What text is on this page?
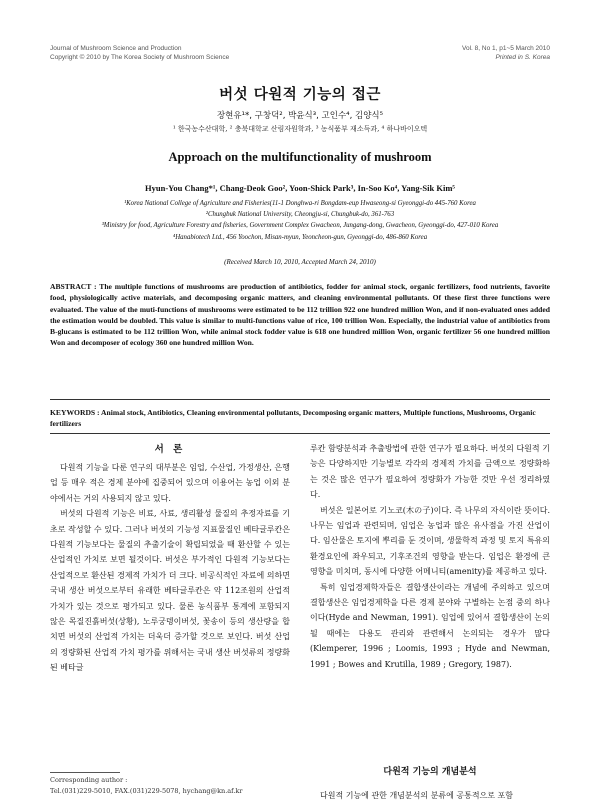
Journal of Mushroom Science and Production
Copyright © 2010 by The Korea Society of Mushroom Science
Vol. 8, No 1, p1~5 March 2010
Printed in S. Korea
버섯 다원적 기능의 접근
장현유¹*, 구창덕², 박윤식³, 고인수⁴, 김양식⁵
¹ 한국농수산대학, ² 충북대학교 산림자원학과, ³ 농식품부 재소득과, ⁴ 하나바이오텍
Approach on the multifunctionality of mushroom
Hyun-You Chang*¹, Chang-Deok Goo², Yoon-Shick Park³, In-Soo Ko⁴, Yang-Sik Kim⁵
¹Korea National College of Agriculture and Fisheries(11-1 Donghwa-ri Bongdam-eup Hwaseong-si Gyeonggi-do 445-760 Korea
²Chungbuk National University, Cheongju-si, Chungbuk-do, 361-763
³Ministry for food, Agriculture Forestry and fisheries, Government Complex Gwacheon, Jungang-dong, Gwacheon, Gyeonggi-do, 427-010 Korea
⁴Hanabiotech Ltd., 456 Yoochon, Misan-myun, Yeoncheon-gun, Gyeonggi-do, 486-860 Korea
(Received March 10, 2010, Accepted March 24, 2010)

ABSTRACT : The multiple functions of mushrooms are production of antibiotics, fodder for animal stock, organic fertilizers, food nutrients, favorite food, physiologically active materials, and decomposing organic matters, and cleaning environmental pollutants. Of these first three functions were evaluated. The value of the muti-functions of mushrooms were estimated to be 112 trillion 922 one hundred million Won, and if non-evaluated ones added the estimation would be doubled. This value is similar to multi-functions value of rice, 100 trillion Won. Especially, the industrial value of antibiotics from B-glucans is estimated to be 112 trillion Won, while animal stock fodder value is 618 one hundred million Won, organic fertilizer 56 one hundred million Won and decomposer of ecology 360 one hundred million Won.

KEYWORDS : Animal stock, Antibiotics, Cleaning environmental pollutants, Decomposing organic matters, Multiple functions, Mushrooms, Organic fertilizers

서 론

다원적 기능을 다룬 연구의 대부분은 임업, 수산업, 가정생산, 은행업 등 매우 적은 경제 분야에 집중되어 있으며 이용어는 농업 이외 분야에서는 거의 사용되지 않고 있다.

버섯의 다원적 기능은 비료, 사료, 생리활성 물질의 추정자료를 기초로 작성할 수 있다. 그러나 버섯의 기능성 지표물질인 베타글루칸은 다원적 기능보다는 물질의 추출기술이 확립되었을 때 환산할 수 있는 산업적인 가치로 보면 될것이다. 버섯은 부가적인 다원적 기능보다는 산업적으로 환산된 경제적 가치가 더 크다. 비공식적인 자료에 의하면 국내 생산 버섯으로부터 유래한 베타글루칸은 약 112조원의 산업적 가치가 있는 것으로 평가되고 있다. 물론 농식품부 통계에 포함되지 않은 목질진흙버섯(상황), 노루궁뎅이버섯, 꽃송이 등의 생산량을 합치면 버섯의 산업적 가치는 더욱더 증가할 것으로 보인다. 버섯 산업의 정량화된 산업적 가치 평가를 위해서는 국내 생산 버섯류의 정량화된 베타글

루칸 함량분석과 추출방법에 관한 연구가 필요하다. 버섯의 다원적 기능은 다양하지만 기능별로 각각의 경제적 가치를 금액으로 정량화하는 것은 많은 연구가 필요하여 정량화가 가능한 것만 우선 정리하였다.

버섯은 일본어로 기노코(木の子)이다. 즉 나무의 자식이란 뜻이다. 나무는 임업과 관련되며, 임업은 농업과 많은 유사점을 가진 산업이다. 임산물은 토지에 뿌리를 둔 것이며, 생물학적 과정 및 토지 특유의 환경요인에 좌우되고, 기후조건의 영향을 받는다. 임업은 환경에 큰 영향을 미치며, 동시에 다양한 어메니티(amenity)를 제공하고 있다.

특히 임업경제학자들은 결합생산이라는 개념에 주의하고 있으며 결합생산은 임업경제학을 다른 경제 분야와 구별하는 논점 중의 하나이다(Hyde and Newman, 1991). 임업에 있어서 결합생산이 논의될 때에는 다용도 관리와 관련해서 논의되는 경우가 많다(Klemperer, 1996 ; Loomis, 1993 ; Hyde and Newman, 1991 ; Bowes and Krutilla, 1989 ; Gregory, 1987).

다원적 기능의 개념분석
다원적 기능에 관한 개념분석의 분류에 공통적으로 포함
Corresponding author :
Tel.(031)229-5010, FAX.(031)229-5078, hychang@kn.af.kr
